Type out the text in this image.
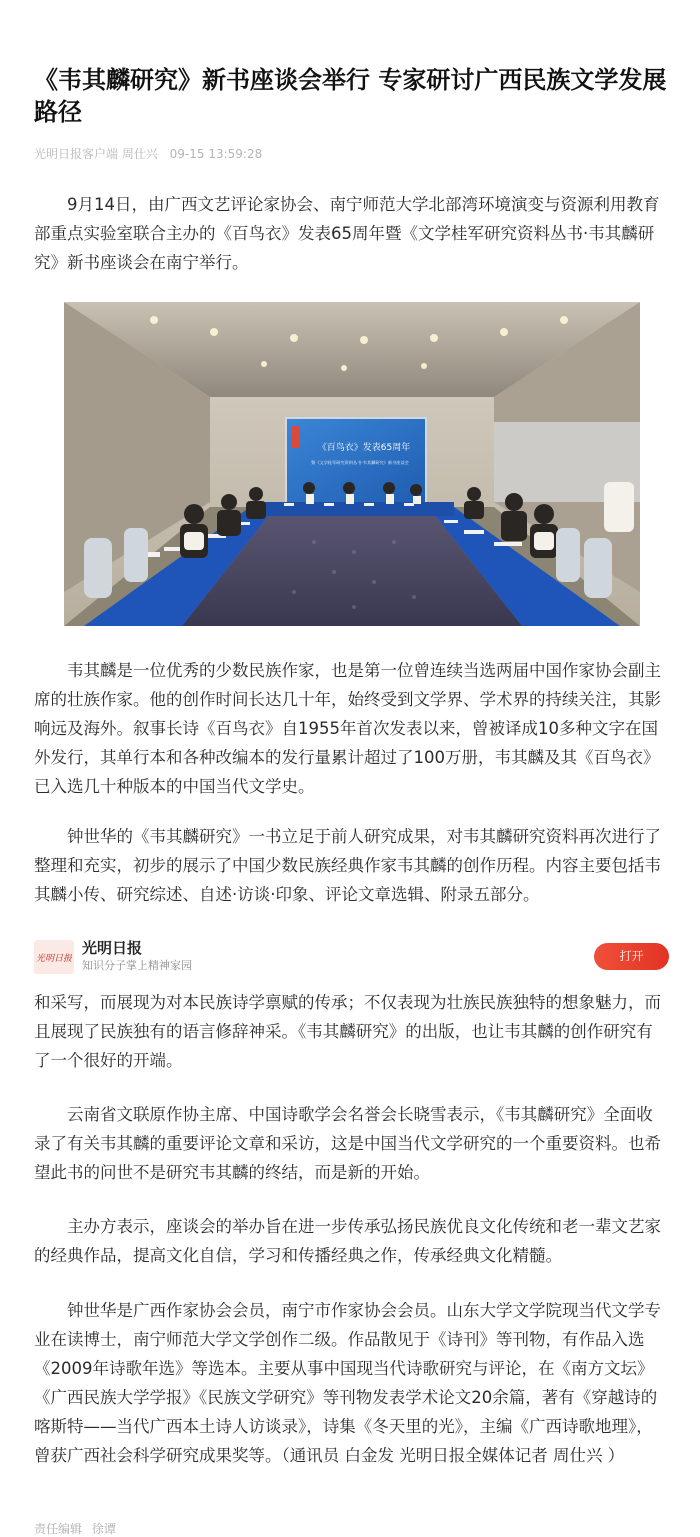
《韦其麟研究》新书座谈会举行 专家研讨广西民族文学发展路径
光明日报客户端 周仕兴 09-15 13:59:28

9月14日，由广西文艺评论家协会、南宁师范大学北部湾环境演变与资源利用教育部重点实验室联合主办的《百鸟衣》发表65周年暨《文学桂军研究资料丛书·韦其麟研究》新书座谈会在南宁举行。

《百鸟衣》发表65周年
暨《文学桂军研究资料丛书·韦其麟研究》新书座谈会

韦其麟是一位优秀的少数民族作家，也是第一位曾连续当选两届中国作家协会副主席的壮族作家。他的创作时间长达几十年，始终受到文学界、学术界的持续关注，其影响远及海外。叙事长诗《百鸟衣》自1955年首次发表以来，曾被译成10多种文字在国外发行，其单行本和各种改编本的发行量累计超过了100万册，韦其麟及其《百鸟衣》已入选几十种版本的中国当代文学史。

钟世华的《韦其麟研究》一书立足于前人研究成果，对韦其麟研究资料再次进行了整理和充实，初步的展示了中国少数民族经典作家韦其麟的创作历程。内容主要包括韦其麟小传、研究综述、自述·访谈·印象、评论文章选辑、附录五部分。

和采写，而展现为对本民族诗学禀赋的传承；不仅表现为壮族民族独特的想象魅力，而且展现了民族独有的语言修辞神采。《韦其麟研究》的出版，也让韦其麟的创作研究有了一个很好的开端。

光明日报
光明日报
知识分子掌上精神家园
打开

云南省文联原作协主席、中国诗歌学会名誉会长晓雪表示，《韦其麟研究》全面收录了有关韦其麟的重要评论文章和采访，这是中国当代文学研究的一个重要资料。也希望此书的问世不是研究韦其麟的终结，而是新的开始。

主办方表示，座谈会的举办旨在进一步传承弘扬民族优良文化传统和老一辈文艺家的经典作品，提高文化自信，学习和传播经典之作，传承经典文化精髓。

钟世华是广西作家协会会员，南宁市作家协会会员。山东大学文学院现当代文学专业在读博士，南宁师范大学文学创作二级。作品散见于《诗刊》等刊物，有作品入选《2009年诗歌年选》等选本。主要从事中国现当代诗歌研究与评论，在《南方文坛》《广西民族大学学报》《民族文学研究》等刊物发表学术论文20余篇，著有《穿越诗的喀斯特——当代广西本土诗人访谈录》，诗集《冬天里的光》，主编《广西诗歌地理》，曾获广西社会科学研究成果奖等。（通讯员 白金发 光明日报全媒体记者 周仕兴 ）

责任编辑 徐谭
